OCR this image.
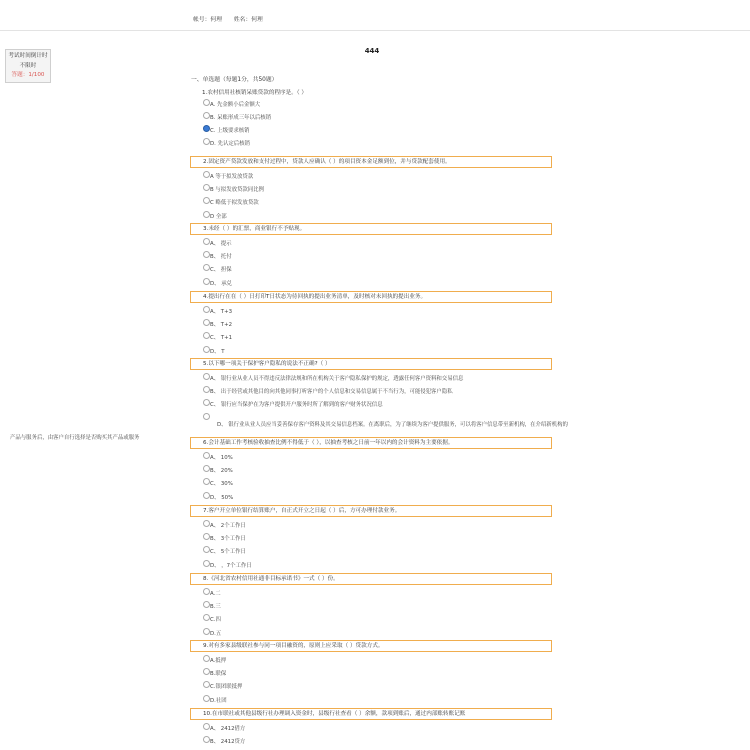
帐号：何理 姓名：何理
考试时间倒计时
不限时
答题：1/100
444
一、单选题（每题1分，共50题）
1.农村信用社核销呆账贷款的程序是。（ ）
A. 先金额小后金额大
B. 呆账形成三年以后核销
C. 上级要求核销
D. 先认定后核销
2.固定资产贷款发放和支付过程中，贷款人应确认（ ）的项目资本金足额到位，并与贷款配套使用。
A 等于拟发放贷款
B 与拟发放贷款同比例
C 略低于拟发放贷款
D 全部
3.未经（ ）的汇票，商业银行不予贴现。
A、 提示
B、 托付
C、 担保
D、 承兑
4.提出行在在（ ）日打印T日状态为待回执的提出业务清单，及时核对未回执的提出业务。
A、 T+3
B、 T+2
C、 T+1
D、 T
5.以下哪一项关于保护客户隐私的说法不正确?（ ）
A、 银行业从业人员不得违反法律法规和所在机构关于客户隐私保护的规定，透露任何客户资料和交易信息
B、 出于经营或其他目的向其他同事打听客户的个人信息和交易信息属于不当行为，可能侵犯客户隐私
C、 银行应当保护在为客户提供开户服务时所了解到的客户财务状况信息
D、 银行业从业人员应当妥善保存客户资料及其交易信息档案。在离职后，为了继续为客户提供服务，可以将客户信息带至新机构，在介绍新机构的产品与服务后，由客户自行选择是否购买其产品或服务
6.会计基础工作考核验收抽查比例不得低于（ ），以抽查考核之日前一年以内的会计资料为主要依据。
A、 10%
B、 20%
C、 30%
D、 50%
7.客户开立单位银行结算账户，自正式开立之日起（ ）后，方可办理付款业务。
A、 2个工作日
B、 3个工作日
C、 5个工作日
D、 ，7个工作日
8.《河北省农村信用社通非目标承诺书》一式（ ）份。
A.二
B.三
C.四
D.五
9.对有多家县级联社参与同一项目融资的，原则上应采取（ ）贷款方式。
A.抵押
B.联保
C.银团联抵押
D.社团
10.在市联社或其他县级行社办理调入资金时，县级行社查看（ ）余额，款项到账后，通过内部账转账记账
A、 2412借方
B、 2412贷方
